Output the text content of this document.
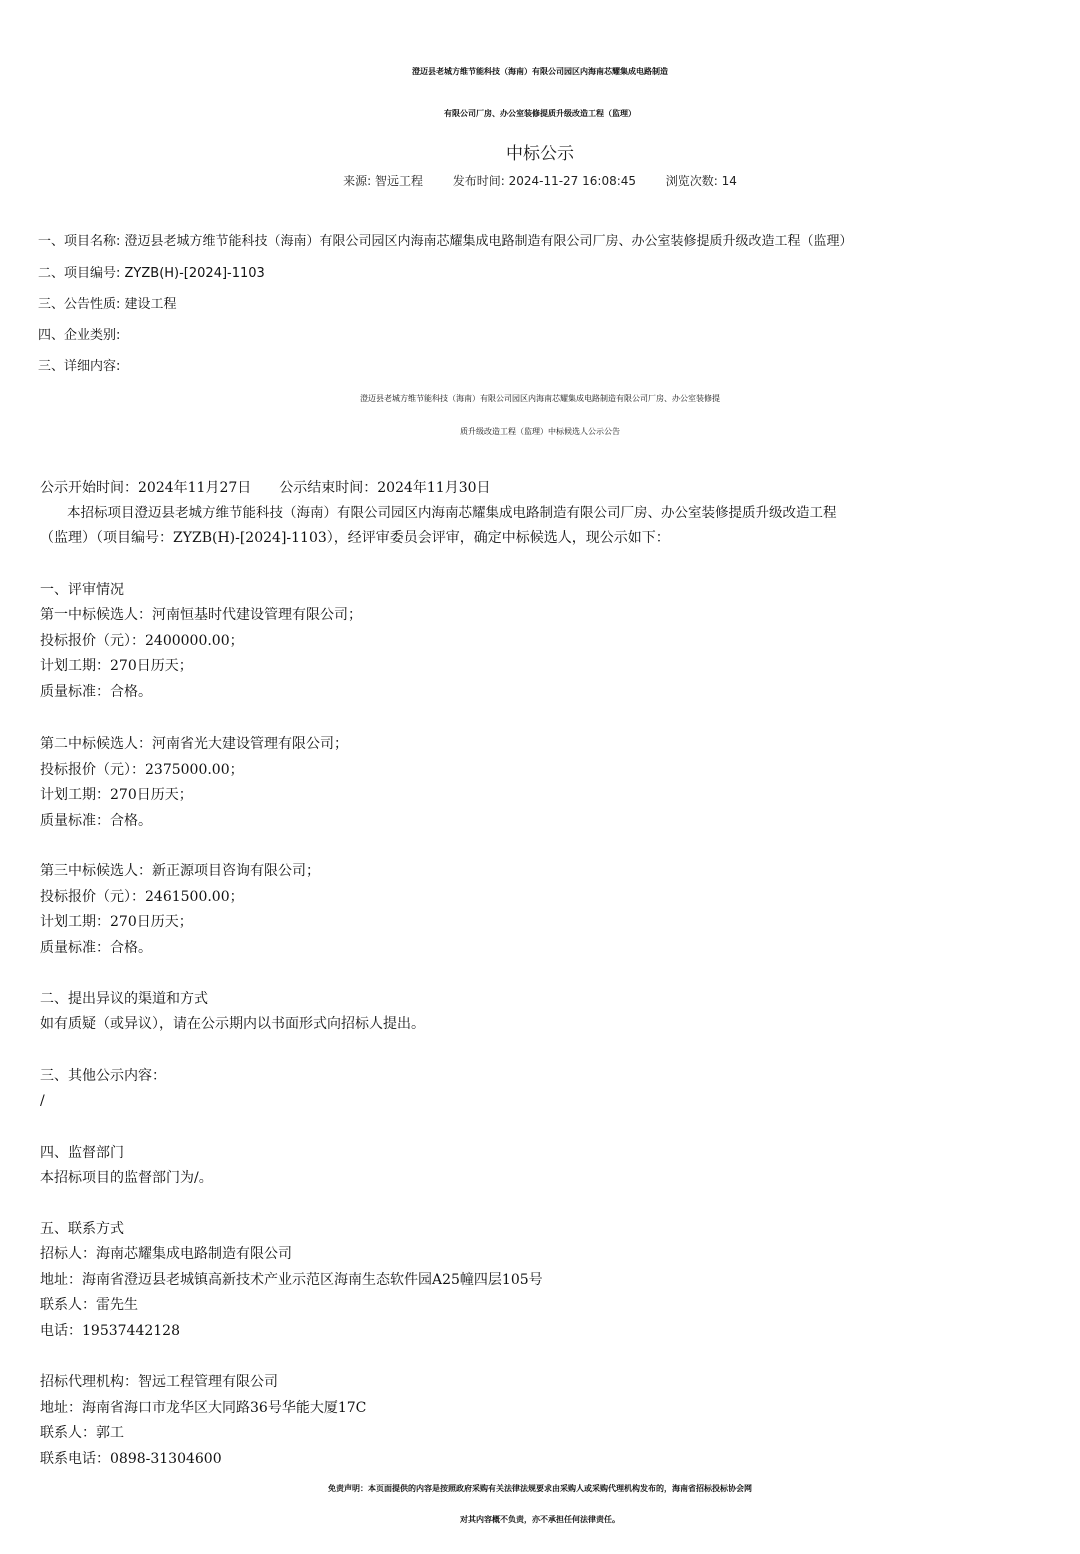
澄迈县老城方维节能科技（海南）有限公司园区内海南芯耀集成电路制造
有限公司厂房、办公室装修提质升级改造工程（监理）
中标公示
来源: 智远工程 发布时间: 2024-11-27 16:08:45 浏览次数: 14
一、项目名称: 澄迈县老城方维节能科技（海南）有限公司园区内海南芯耀集成电路制造有限公司厂房、办公室装修提质升级改造工程（监理）
二、项目编号: ZYZB(H)-[2024]-1103
三、公告性质: 建设工程
四、企业类别:
三、详细内容:
澄迈县老城方维节能科技（海南）有限公司园区内海南芯耀集成电路制造有限公司厂房、办公室装修提
质升级改造工程（监理）中标候选人公示公告
公示开始时间：2024年11月27日　　公示结束时间：2024年11月30日
　　本招标项目澄迈县老城方维节能科技（海南）有限公司园区内海南芯耀集成电路制造有限公司厂房、办公室装修提质升级改造工程
（监理）（项目编号：ZYZB(H)-[2024]-1103），经评审委员会评审，确定中标候选人，现公示如下：
一、评审情况
第一中标候选人：河南恒基时代建设管理有限公司；
投标报价（元）：2400000.00；
计划工期：270日历天；
质量标准：合格。
第二中标候选人：河南省光大建设管理有限公司；
投标报价（元）：2375000.00；
计划工期：270日历天；
质量标准：合格。
第三中标候选人：新正源项目咨询有限公司；
投标报价（元）：2461500.00；
计划工期：270日历天；
质量标准：合格。
二、提出异议的渠道和方式
如有质疑（或异议），请在公示期内以书面形式向招标人提出。
三、其他公示内容：
/
四、监督部门
本招标项目的监督部门为/。
五、联系方式
招标人：海南芯耀集成电路制造有限公司
地址：海南省澄迈县老城镇高新技术产业示范区海南生态软件园A25幢四层105号
联系人：雷先生
电话：19537442128
招标代理机构：智远工程管理有限公司
地址：海南省海口市龙华区大同路36号华能大厦17C
联系人：郭工
联系电话：0898-31304600
免责声明：本页面提供的内容是按照政府采购有关法律法规要求由采购人或采购代理机构发布的，海南省招标投标协会网
对其内容概不负责，亦不承担任何法律责任。
